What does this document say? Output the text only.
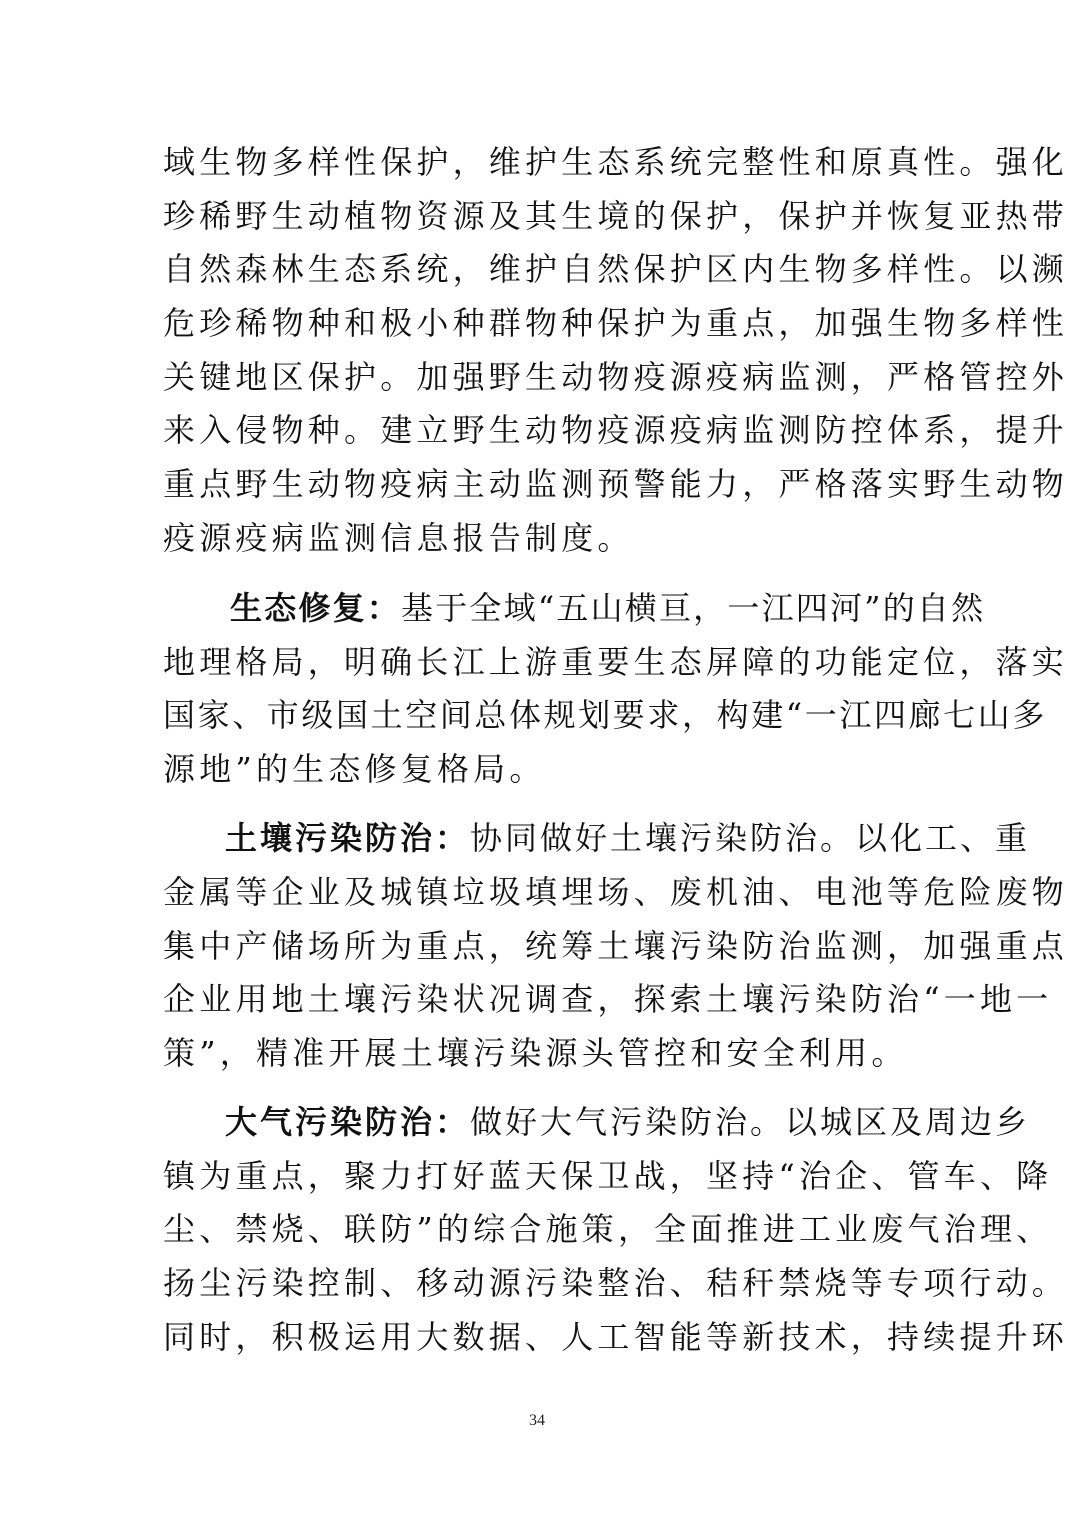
域生物多样性保护，维护生态系统完整性和原真性。强化
珍稀野生动植物资源及其生境的保护，保护并恢复亚热带
自然森林生态系统，维护自然保护区内生物多样性。以濒
危珍稀物种和极小种群物种保护为重点，加强生物多样性
关键地区保护。加强野生动物疫源疫病监测，严格管控外
来入侵物种。建立野生动物疫源疫病监测防控体系，提升
重点野生动物疫病主动监测预警能力，严格落实野生动物
疫源疫病监测信息报告制度。
生态修复：基于全域“五山横亘，一江四河”的自然
地理格局，明确长江上游重要生态屏障的功能定位，落实
国家、市级国土空间总体规划要求，构建“一江四廊七山多
源地”的生态修复格局。
土壤污染防治：协同做好土壤污染防治。以化工、重
金属等企业及城镇垃圾填埋场、废机油、电池等危险废物
集中产储场所为重点，统筹土壤污染防治监测，加强重点
企业用地土壤污染状况调查，探索土壤污染防治“一地一
策”，精准开展土壤污染源头管控和安全利用。
大气污染防治：做好大气污染防治。以城区及周边乡
镇为重点，聚力打好蓝天保卫战，坚持“治企、管车、降
尘、禁烧、联防”的综合施策，全面推进工业废气治理、
扬尘污染控制、移动源污染整治、秸秆禁烧等专项行动。
同时，积极运用大数据、人工智能等新技术，持续提升环
34
